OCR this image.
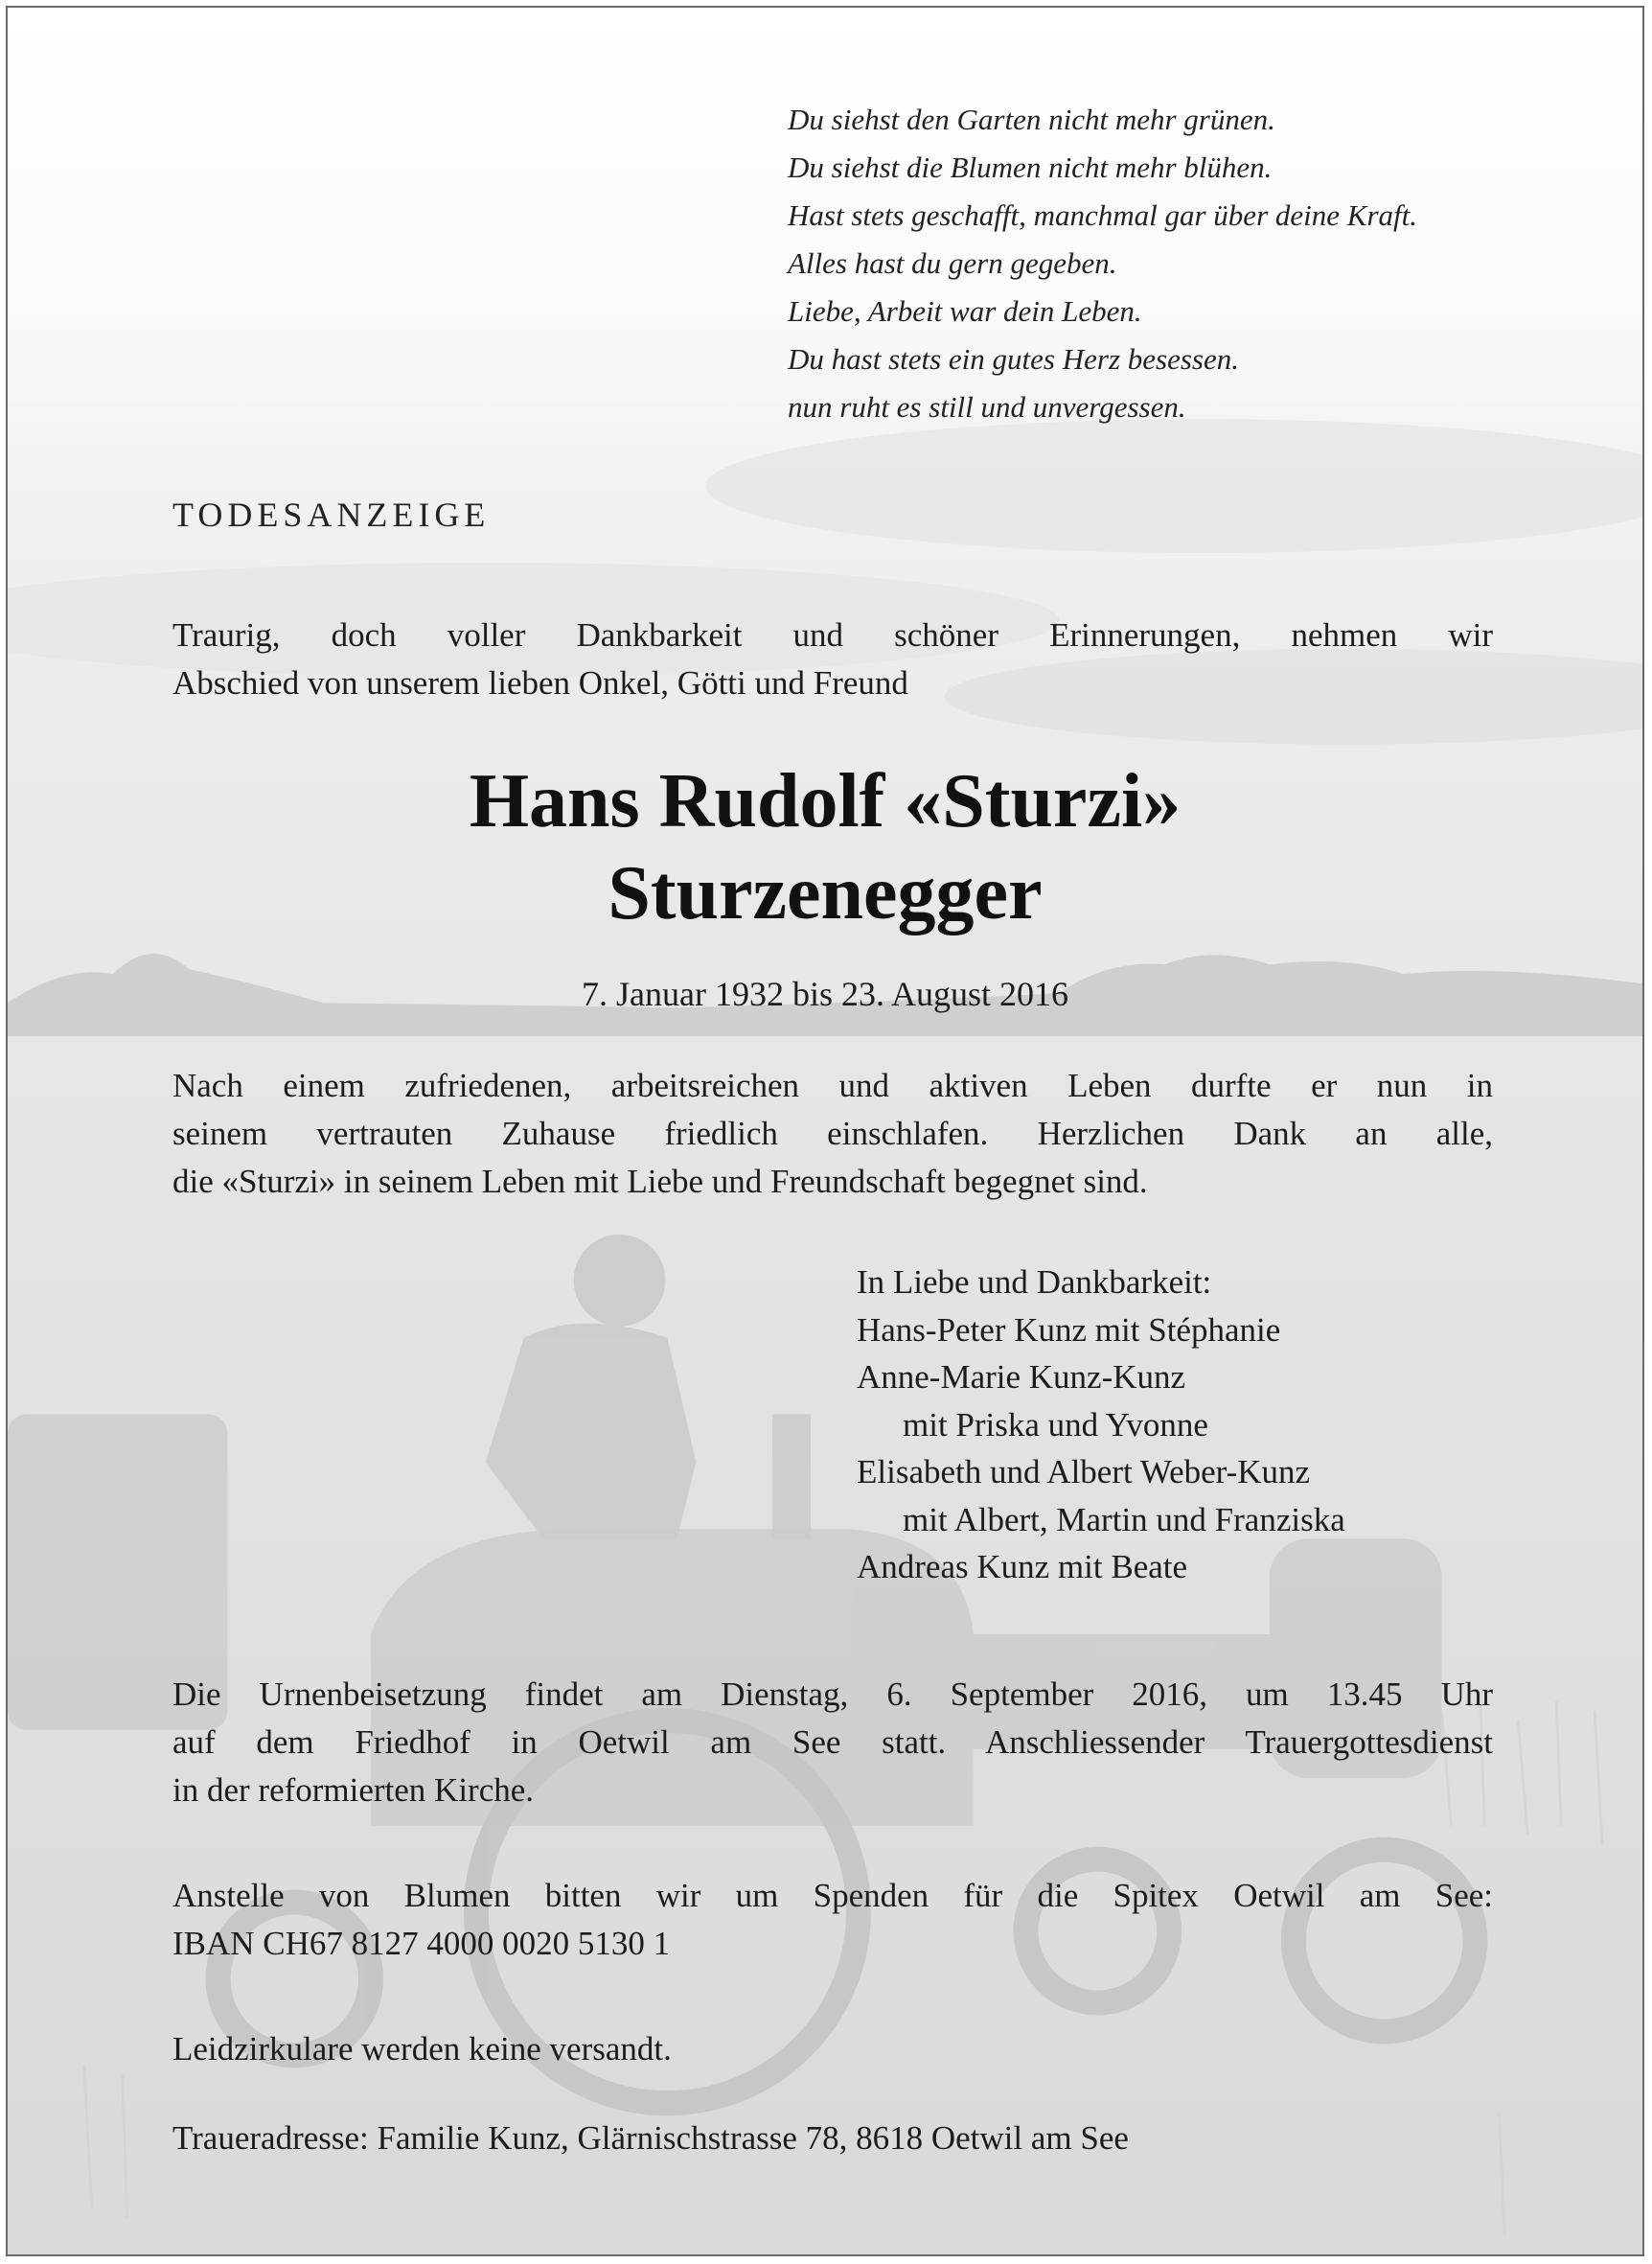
Du siehst den Garten nicht mehr grünen.
Du siehst die Blumen nicht mehr blühen.
Hast stets geschafft, manchmal gar über deine Kraft.
Alles hast du gern gegeben.
Liebe, Arbeit war dein Leben.
Du hast stets ein gutes Herz besessen.
nun ruht es still und unvergessen.
TODESANZEIGE
Traurig, doch voller Dankbarkeit und schöner Erinnerungen, nehmen wir
Abschied von unserem lieben Onkel, Götti und Freund
Hans Rudolf «Sturzi»
Sturzenegger
7. Januar 1932 bis 23. August 2016
Nach einem zufriedenen, arbeitsreichen und aktiven Leben durfte er nun in
seinem vertrauten Zuhause friedlich einschlafen. Herzlichen Dank an alle,
die «Sturzi» in seinem Leben mit Liebe und Freundschaft begegnet sind.
In Liebe und Dankbarkeit:
Hans-Peter Kunz mit Stéphanie
Anne-Marie Kunz-Kunz
mit Priska und Yvonne
Elisabeth und Albert Weber-Kunz
mit Albert, Martin und Franziska
Andreas Kunz mit Beate
Die Urnenbeisetzung findet am Dienstag, 6. September 2016, um 13.45 Uhr
auf dem Friedhof in Oetwil am See statt. Anschliessender Trauergottesdienst
in der reformierten Kirche.
Anstelle von Blumen bitten wir um Spenden für die Spitex Oetwil am See:
IBAN CH67 8127 4000 0020 5130 1
Leidzirkulare werden keine versandt.
Traueradresse: Familie Kunz, Glärnischstrasse 78, 8618 Oetwil am See
